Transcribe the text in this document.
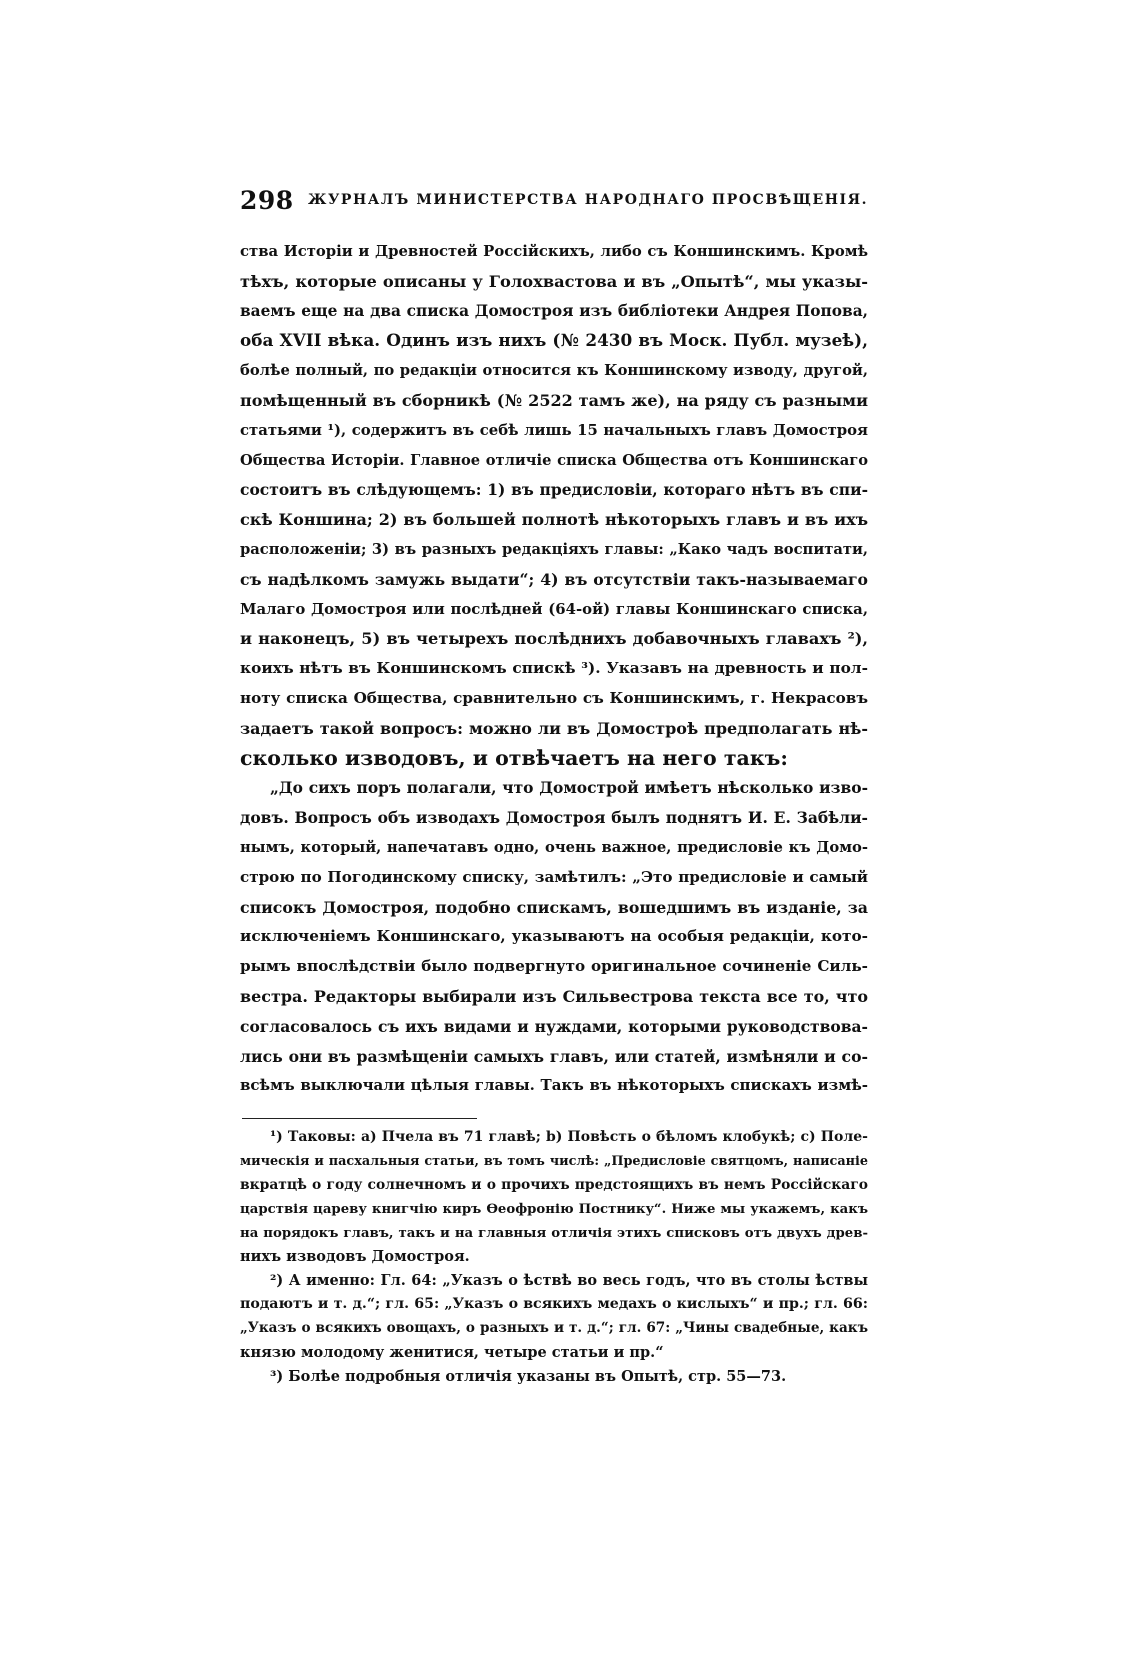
298 ЖУРНАЛЪ МИНИСТЕРСТВА НАРОДНАГО ПРОСВѢЩЕНІЯ.
ства Исторіи и Древностей Россійскихъ, либо съ Коншинскимъ. Кромѣ
тѣхъ, которые описаны у Голохвастова и въ „Опытѣ“, мы указы-
ваемъ еще на два списка Домостроя изъ библіотеки Андрея Попова,
оба XVII вѣка. Одинъ изъ нихъ (№ 2430 въ Моск. Публ. музеѣ),
болѣе полный, по редакціи относится къ Коншинскому изводу, другой,
помѣщенный въ сборникѣ (№ 2522 тамъ же), на ряду съ разными
статьями ¹), содержитъ въ себѣ лишь 15 начальныхъ главъ Домостроя
Общества Исторіи. Главное отличіе списка Общества отъ Коншинскаго
состоитъ въ слѣдующемъ: 1) въ предисловіи, котораго нѣтъ въ спи-
скѣ Коншина; 2) въ большей полнотѣ нѣкоторыхъ главъ и въ ихъ
расположеніи; 3) въ разныхъ редакціяхъ главы: „Како чадъ воспитати,
съ надѣлкомъ замужь выдати“; 4) въ отсутствіи такъ-называемаго
Малаго Домостроя или послѣдней (64-ой) главы Коншинскаго списка,
и наконецъ, 5) въ четырехъ послѣднихъ добавочныхъ главахъ ²),
коихъ нѣтъ въ Коншинскомъ спискѣ ³). Указавъ на древность и пол-
ноту списка Общества, сравнительно съ Коншинскимъ, г. Некрасовъ
задаетъ такой вопросъ: можно ли въ Домостроѣ предполагать нѣ-
сколько изводовъ, и отвѣчаетъ на него такъ:
„До сихъ поръ полагали, что Домострой имѣетъ нѣсколько изво-
довъ. Вопросъ объ изводахъ Домостроя былъ поднятъ И. Е. Забѣли-
нымъ, который, напечатавъ одно, очень важное, предисловіе къ Домо-
строю по Погодинскому списку, замѣтилъ: „Это предисловіе и самый
списокъ Домостроя, подобно спискамъ, вошедшимъ въ изданіе, за
исключеніемъ Коншинскаго, указываютъ на особыя редакціи, кото-
рымъ впослѣдствіи было подвергнуто оригинальное сочиненіе Силь-
вестра. Редакторы выбирали изъ Сильвестрова текста все то, что
согласовалось съ ихъ видами и нуждами, которыми руководствова-
лись они въ размѣщеніи самыхъ главъ, или статей, измѣняли и со-
всѣмъ выключали цѣлыя главы. Такъ въ нѣкоторыхъ спискахъ измѣ-
¹) Таковы: а) Пчела въ 71 главѣ; b) Повѣсть о бѣломъ клобукѣ; с) Поле-
мическія и пасхальныя статьи, въ томъ числѣ: „Предисловіе святцомъ, написаніе
вкратцѣ о году солнечномъ и о прочихъ предстоящихъ въ немъ Россійскаго
царствія цареву книгчію киръ Ѳеофронію Постнику“. Ниже мы укажемъ, какъ
на порядокъ главъ, такъ и на главныя отличія этихъ списковъ отъ двухъ древ-
нихъ изводовъ Домостроя.
²) А именно: Гл. 64: „Указъ о ѣствѣ во весь годъ, что въ столы ѣствы
подаютъ и т. д.“; гл. 65: „Указъ о всякихъ медахъ о кислыхъ“ и пр.; гл. 66:
„Указъ о всякихъ овощахъ, о разныхъ и т. д.“; гл. 67: „Чины свадебные, какъ
князю молодому женитися, четыре статьи и пр.“
³) Болѣе подробныя отличія указаны въ Опытѣ, стр. 55—73.
